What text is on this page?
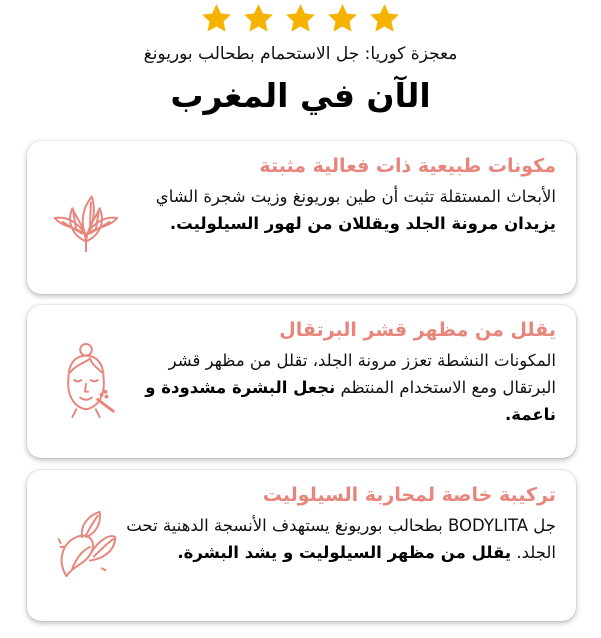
معجزة كوريا: جل الاستحمام بطحالب بوريونغ
الآن في المغرب
مكونات طبيعية ذات فعالية مثبتة
الأبحاث المستقلة تثبت أن طين بوريونغ وزيت شجرة الشاي يزيدان مرونة الجلد ويقللان من لهور السيلوليت.
يقلل من مظهر قشر البرتقال
المكونات النشطة تعزز مرونة الجلد، تقلل من مظهر قشر البرتقال ومع الاستخدام المنتظم نجعل البشرة مشدودة و ناعمة.
تركيبة خاصة لمحاربة السيلوليت
جل BODYLITA بطحالب بوريونغ يستهدف الأنسجة الدهنية تحت الجلد. يقلل من مظهر السيلوليت و يشد البشرة.
